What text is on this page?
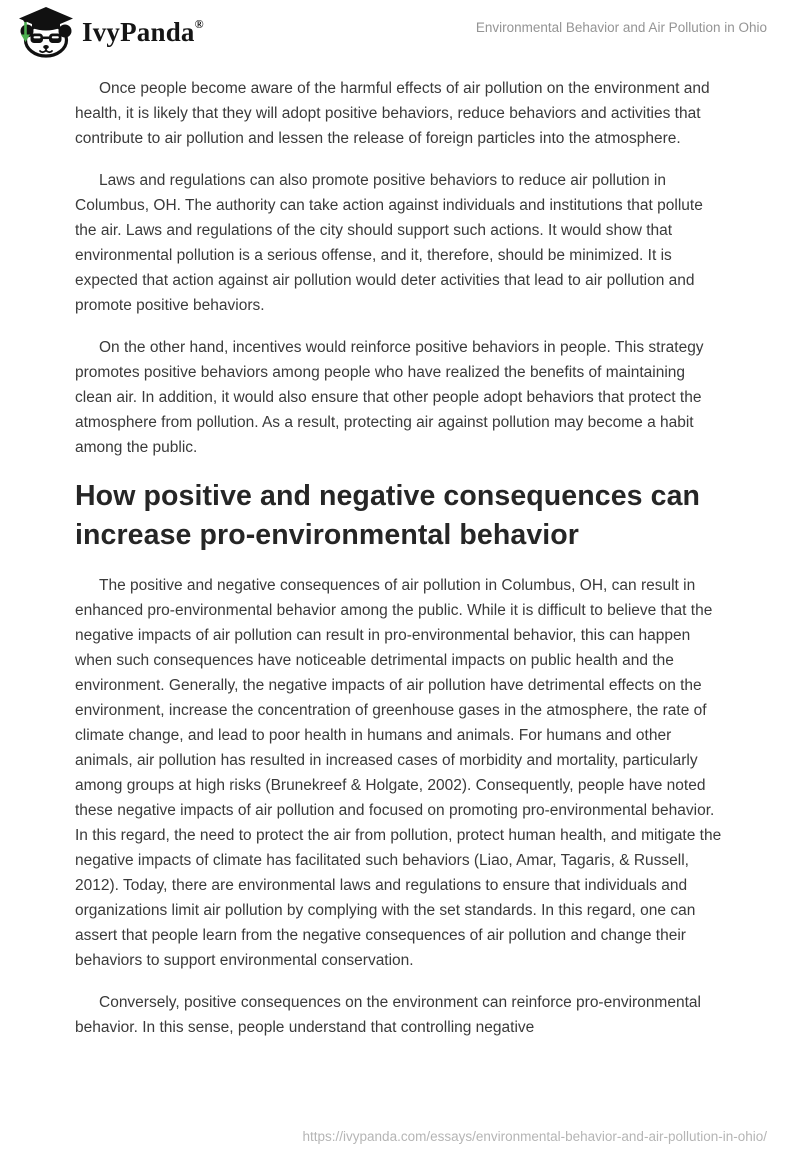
IvyPanda®	Environmental Behavior and Air Pollution in Ohio

Once people become aware of the harmful effects of air pollution on the environment and health, it is likely that they will adopt positive behaviors, reduce behaviors and activities that contribute to air pollution and lessen the release of foreign particles into the atmosphere.

Laws and regulations can also promote positive behaviors to reduce air pollution in Columbus, OH. The authority can take action against individuals and institutions that pollute the air. Laws and regulations of the city should support such actions. It would show that environmental pollution is a serious offense, and it, therefore, should be minimized. It is expected that action against air pollution would deter activities that lead to air pollution and promote positive behaviors.

On the other hand, incentives would reinforce positive behaviors in people. This strategy promotes positive behaviors among people who have realized the benefits of maintaining clean air. In addition, it would also ensure that other people adopt behaviors that protect the atmosphere from pollution. As a result, protecting air against pollution may become a habit among the public.

How positive and negative consequences can increase pro-environmental behavior

The positive and negative consequences of air pollution in Columbus, OH, can result in enhanced pro-environmental behavior among the public. While it is difficult to believe that the negative impacts of air pollution can result in pro-environmental behavior, this can happen when such consequences have noticeable detrimental impacts on public health and the environment. Generally, the negative impacts of air pollution have detrimental effects on the environment, increase the concentration of greenhouse gases in the atmosphere, the rate of climate change, and lead to poor health in humans and animals. For humans and other animals, air pollution has resulted in increased cases of morbidity and mortality, particularly among groups at high risks (Brunekreef & Holgate, 2002). Consequently, people have noted these negative impacts of air pollution and focused on promoting pro-environmental behavior. In this regard, the need to protect the air from pollution, protect human health, and mitigate the negative impacts of climate has facilitated such behaviors (Liao, Amar, Tagaris, & Russell, 2012). Today, there are environmental laws and regulations to ensure that individuals and organizations limit air pollution by complying with the set standards. In this regard, one can assert that people learn from the negative consequences of air pollution and change their behaviors to support environmental conservation.

Conversely, positive consequences on the environment can reinforce pro-environmental behavior. In this sense, people understand that controlling negative

https://ivypanda.com/essays/environmental-behavior-and-air-pollution-in-ohio/
